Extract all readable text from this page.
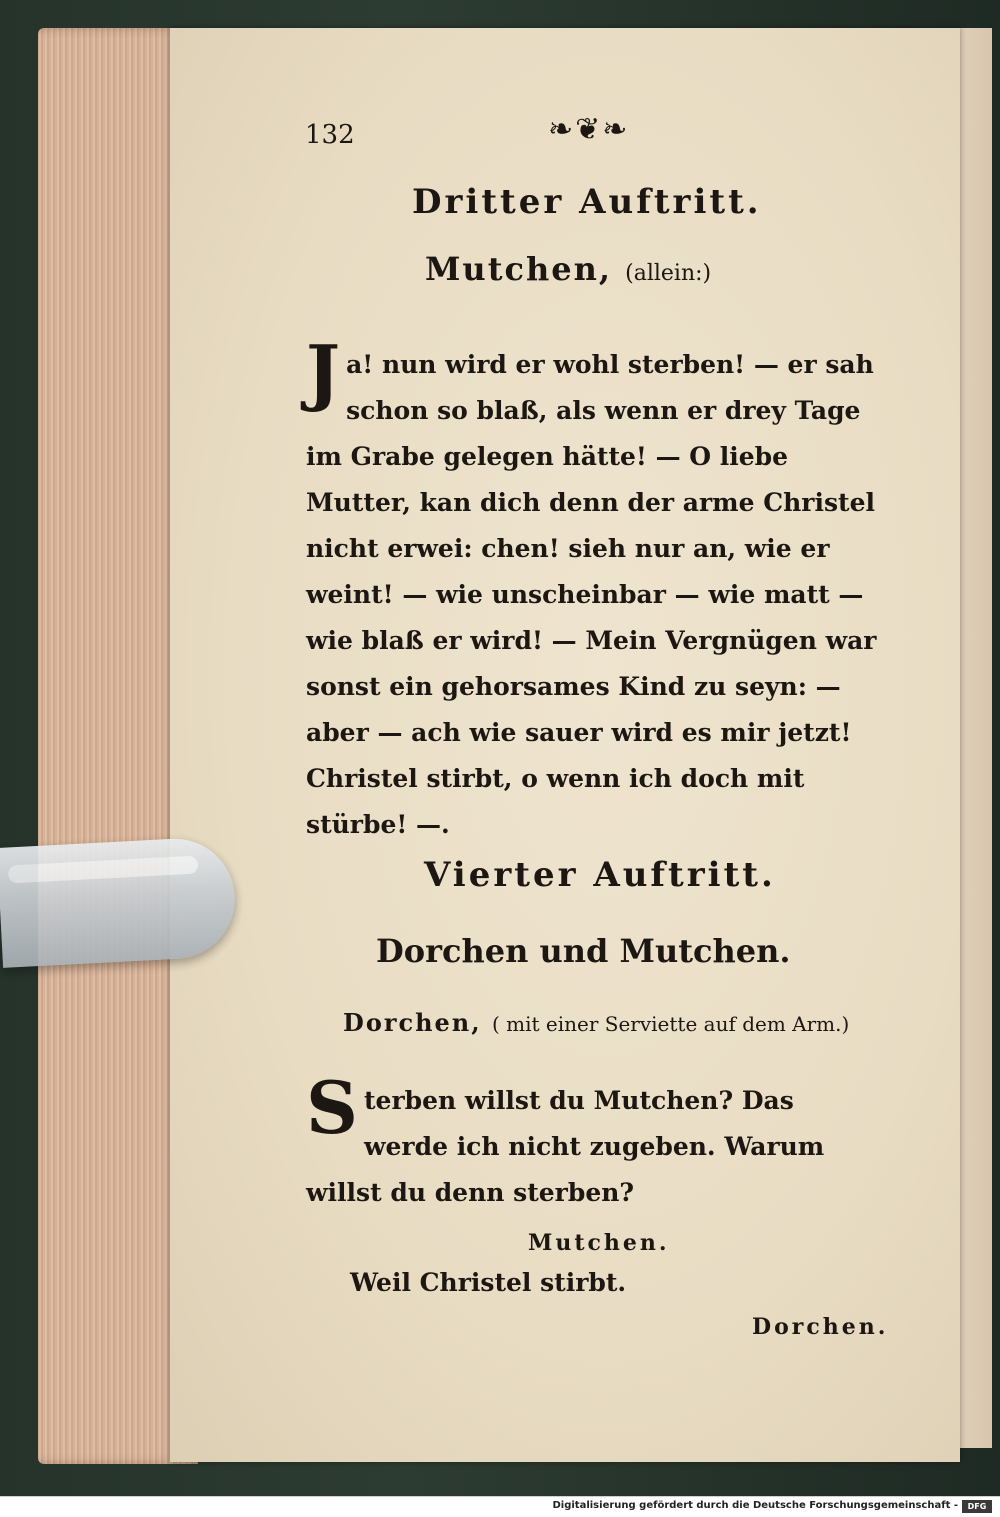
132	❧❦❧

Dritter Auftritt.

Mutchen, (allein:)

J a! nun wird er wohl sterben! — er sah schon so blaß, als wenn er drey Tage im Grabe gelegen hätte! — O liebe Mutter, kan dich denn der arme Christel nicht erwei: chen! sieh nur an, wie er weint! — wie unscheinbar — wie matt — wie blaß er wird! — Mein Vergnügen war sonst ein gehorsames Kind zu seyn: — aber — ach wie sauer wird es mir jetzt! Christel stirbt, o wenn ich doch mit stürbe! —.

Vierter Auftritt.

Dorchen und Mutchen.

Dorchen, ( mit einer Serviette auf dem Arm.)

S terben willst du Mutchen? Das werde ich nicht zugeben. Warum willst du denn sterben?

Mutchen.

Weil Christel stirbt.

Dorchen.

Digitalisierung gefördert durch die Deutsche Forschungsgemeinschaft -	DFG
